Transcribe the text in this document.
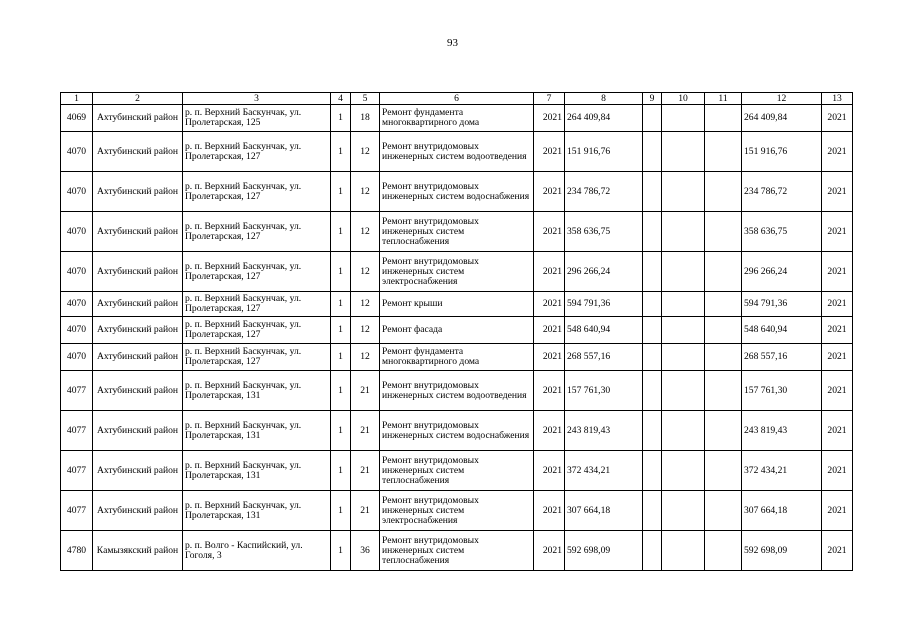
93
1	2	3	4	5	6	7	8	9	10	11	12	13
4069	Ахтубинский район	р. п. Верхний Баскунчак, ул. Пролетарская, 125	1	18	Ремонт фундамента многоквартирного дома	2021	264 409,84				264 409,84	2021
4070	Ахтубинский район	р. п. Верхний Баскунчак, ул. Пролетарская, 127	1	12	Ремонт внутридомовых инженерных систем водоотведения	2021	151 916,76				151 916,76	2021
4070	Ахтубинский район	р. п. Верхний Баскунчак, ул. Пролетарская, 127	1	12	Ремонт внутридомовых инженерных систем водоснабжения	2021	234 786,72				234 786,72	2021
4070	Ахтубинский район	р. п. Верхний Баскунчак, ул. Пролетарская, 127	1	12	Ремонт внутридомовых инженерных систем теплоснабжения	2021	358 636,75				358 636,75	2021
4070	Ахтубинский район	р. п. Верхний Баскунчак, ул. Пролетарская, 127	1	12	Ремонт внутридомовых инженерных систем электроснабжения	2021	296 266,24				296 266,24	2021
4070	Ахтубинский район	р. п. Верхний Баскунчак, ул. Пролетарская, 127	1	12	Ремонт крыши	2021	594 791,36				594 791,36	2021
4070	Ахтубинский район	р. п. Верхний Баскунчак, ул. Пролетарская, 127	1	12	Ремонт фасада	2021	548 640,94				548 640,94	2021
4070	Ахтубинский район	р. п. Верхний Баскунчак, ул. Пролетарская, 127	1	12	Ремонт фундамента многоквартирного дома	2021	268 557,16				268 557,16	2021
4077	Ахтубинский район	р. п. Верхний Баскунчак, ул. Пролетарская, 131	1	21	Ремонт внутридомовых инженерных систем водоотведения	2021	157 761,30				157 761,30	2021
4077	Ахтубинский район	р. п. Верхний Баскунчак, ул. Пролетарская, 131	1	21	Ремонт внутридомовых инженерных систем водоснабжения	2021	243 819,43				243 819,43	2021
4077	Ахтубинский район	р. п. Верхний Баскунчак, ул. Пролетарская, 131	1	21	Ремонт внутридомовых инженерных систем теплоснабжения	2021	372 434,21				372 434,21	2021
4077	Ахтубинский район	р. п. Верхний Баскунчак, ул. Пролетарская, 131	1	21	Ремонт внутридомовых инженерных систем электроснабжения	2021	307 664,18				307 664,18	2021
4780	Камызякский район	р. п. Волго - Каспийский, ул. Гоголя, 3	1	36	Ремонт внутридомовых инженерных систем теплоснабжения	2021	592 698,09				592 698,09	2021
